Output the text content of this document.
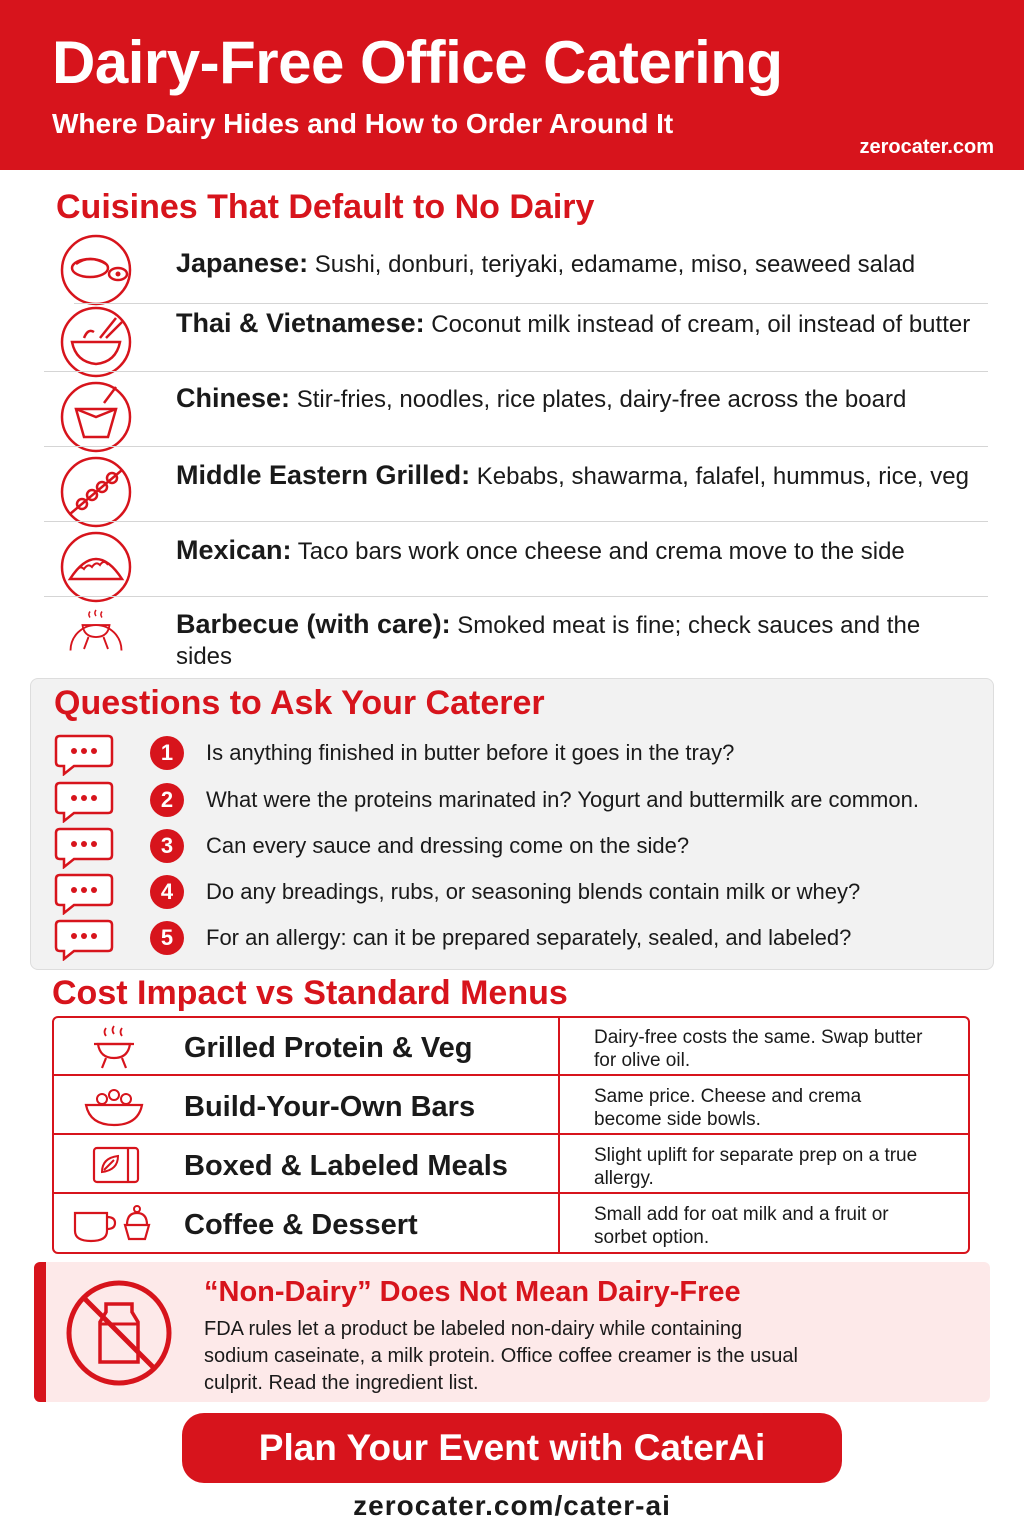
Dairy-Free Office Catering
Where Dairy Hides and How to Order Around It
zerocater.com
Cuisines That Default to No Dairy
Japanese: Sushi, donburi, teriyaki, edamame, miso, seaweed salad
Thai & Vietnamese: Coconut milk instead of cream, oil instead of butter
Chinese: Stir-fries, noodles, rice plates, dairy-free across the board
Middle Eastern Grilled: Kebabs, shawarma, falafel, hummus, rice, veg
Mexican: Taco bars work once cheese and crema move to the side
Barbecue (with care): Smoked meat is fine; check sauces and the sides
Questions to Ask Your Caterer
1	Is anything finished in butter before it goes in the tray?
2	What were the proteins marinated in? Yogurt and buttermilk are common.
3	Can every sauce and dressing come on the side?
4	Do any breadings, rubs, or seasoning blends contain milk or whey?
5	For an allergy: can it be prepared separately, sealed, and labeled?
Cost Impact vs Standard Menus
Grilled Protein & Veg	Dairy-free costs the same. Swap butter for olive oil.
Build-Your-Own Bars	Same price. Cheese and crema become side bowls.
Boxed & Labeled Meals	Slight uplift for separate prep on a true allergy.
Coffee & Dessert	Small add for oat milk and a fruit or sorbet option.
“Non-Dairy” Does Not Mean Dairy-Free
FDA rules let a product be labeled non-dairy while containing sodium caseinate, a milk protein. Office coffee creamer is the usual culprit. Read the ingredient list.
Plan Your Event with CaterAi
zerocater.com/cater-ai
